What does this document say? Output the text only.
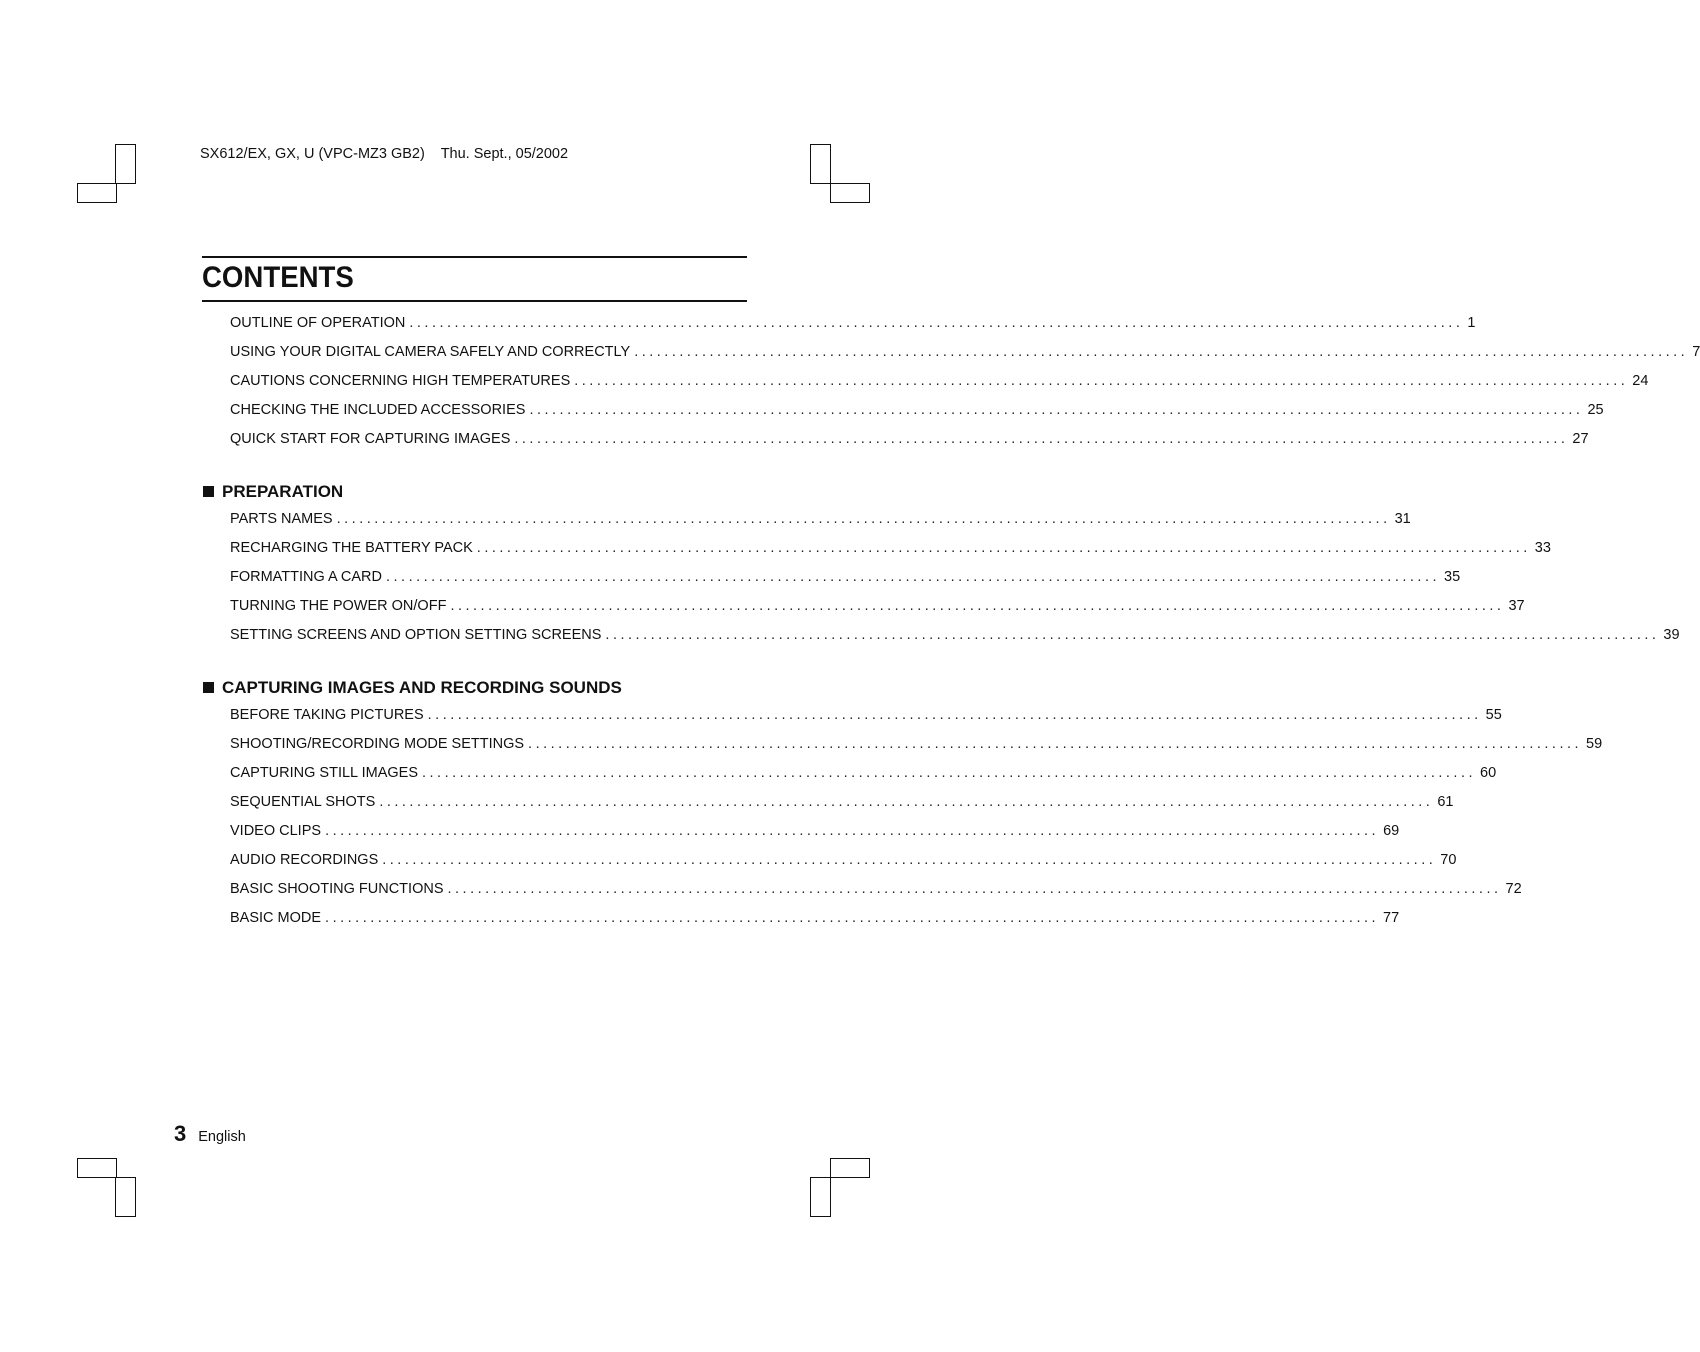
SX612/EX, GX, U (VPC-MZ3 GB2) Thu. Sept., 05/2002
CONTENTS
OUTLINE OF OPERATION ............................................................................................................................................ 1
USING YOUR DIGITAL CAMERA SAFELY AND CORRECTLY ............................................................................................................................................ 7
CAUTIONS CONCERNING HIGH TEMPERATURES ............................................................................................................................................ 24
CHECKING THE INCLUDED ACCESSORIES ............................................................................................................................................ 25
QUICK START FOR CAPTURING IMAGES ............................................................................................................................................ 27
PREPARATION
PARTS NAMES ............................................................................................................................................ 31
RECHARGING THE BATTERY PACK ............................................................................................................................................ 33
FORMATTING A CARD ............................................................................................................................................ 35
TURNING THE POWER ON/OFF ............................................................................................................................................ 37
SETTING SCREENS AND OPTION SETTING SCREENS ............................................................................................................................................ 39
CAPTURING IMAGES AND RECORDING SOUNDS
BEFORE TAKING PICTURES ............................................................................................................................................ 55
SHOOTING/RECORDING MODE SETTINGS ............................................................................................................................................ 59
CAPTURING STILL IMAGES ............................................................................................................................................ 60
SEQUENTIAL SHOTS ............................................................................................................................................ 61
VIDEO CLIPS ............................................................................................................................................ 69
AUDIO RECORDINGS ............................................................................................................................................ 70
BASIC SHOOTING FUNCTIONS ............................................................................................................................................ 72
BASIC MODE ............................................................................................................................................ 77
3 English
